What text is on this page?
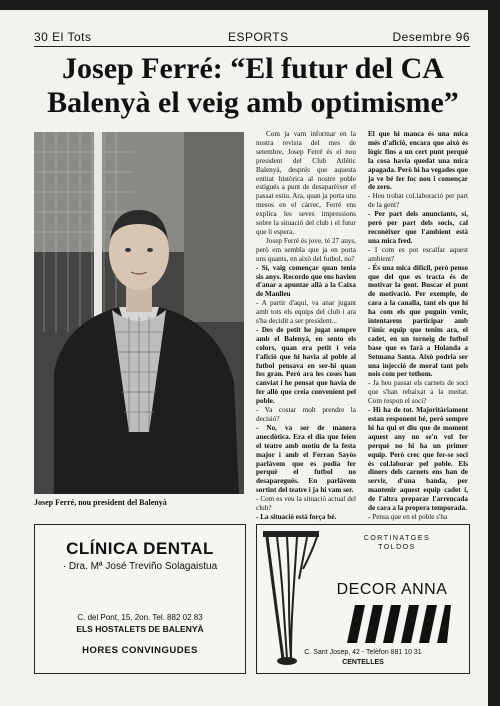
30 El Tots	ESPORTS	Desembre 96
Josep Ferré: “El futur del CA Balenyà el veig amb optimisme”
Josep Ferré, nou president del Balenyà

Com ja vam informar en la nostra revista del mes de setembre, Josep Ferré és el nou president del Club Atlètic Balenyà, després que aquesta entitat històrica al nostre poble estigués a punt de desaparèixer el passat estiu. Ara, quan ja porta uns mesos en el càrrec, Ferré ens explica les seves impressions sobre la situació del club i el futur que li espera.

Josep Ferré és jove, té 27 anys, però em sembla que ja en porta uns quants, en això del futbol, no?

- Sí, vaig començar quan tenia sis anys. Recordo que ens havien d'anar a apuntar allà a la Caixa de Manlleu

- A partir d'aquí, va anar jugant amb tots els equips del club i ara s'ha decidit a ser president...

- Des de petit he jugat sempre amb el Balenyà, en sento els colors, quan era petit i veia l'afició que hi havia al poble al futbol pensava en ser-hi quan fos gran. Però ara les coses han canviat i he pensat que havia de fer allò que creia convenient pel poble.

- Va costar molt prendre la decisió?

- No, va ser de manera anecdòtica. Era el dia que feien el teatre amb motiu de la festa major i amb el Ferran Sayós parlàvem que es podia fer perquè el futbol no desaparegués. En parlàvem sortint del teatre i ja hi vam ser.

- Com es veu la situació actual del club?

- La situació està força bé.

El que hi manca és una mica més d'afició, encara que això és lògic fins a un cert punt perquè la cosa havia quedat una mica apagada. Però hi ha vegades que ja ve bé fer foc nou i començar de zero.

- Heu trobat col.laboració per part de la gent?

- Per part dels anunciants, sí, però per part dels socis, cal reconèixer que l'ambient està una mica fred.

- I com es pot escalfar aquest ambient?

- És una mica difícil, però penso que del que es tracta és de motivar la gent. Buscar el punt de motivació. Per exemple, de cara a la canalla, tant els que hi ha com els que puguin venir, intentarem participar amb l'únic equip que tenim ara, el cadet, en un torneig de futbol base que es farà a Holanda a Setmana Santa. Això podria ser una injecció de moral tant pels nois com per tothom.

- Ja heu passat els carnets de soci que s'han rebaixat a la meitat. Com respon el soci?

- Hi ha de tot. Majoritàriament estan responent bé, però sempre hi ha qui et diu que de moment aquest any no se'n vol fer perquè no hi ha un primer equip. Però crec que fer-se soci és col.laborar pel poble. Els diners dels carnets ens han de servir, d'una banda, per mantenir aquest equip cadet i, de l'altra preparar l'arrencada de cara a la propera temporada.

- Pensa que en el poble s'ha

CLÍNICA DENTAL
· Dra. Mª José Treviño Solagaistua
C. del Pont, 15, 2on. Tel. 882 02 83
ELS HOSTALETS DE BALENYÀ
HORES CONVINGUDES
CORTINATGES
TOLDOS
DECOR ANNA
C. Sant Josep, 42 - Telèfon 881 10 31
CENTELLES
